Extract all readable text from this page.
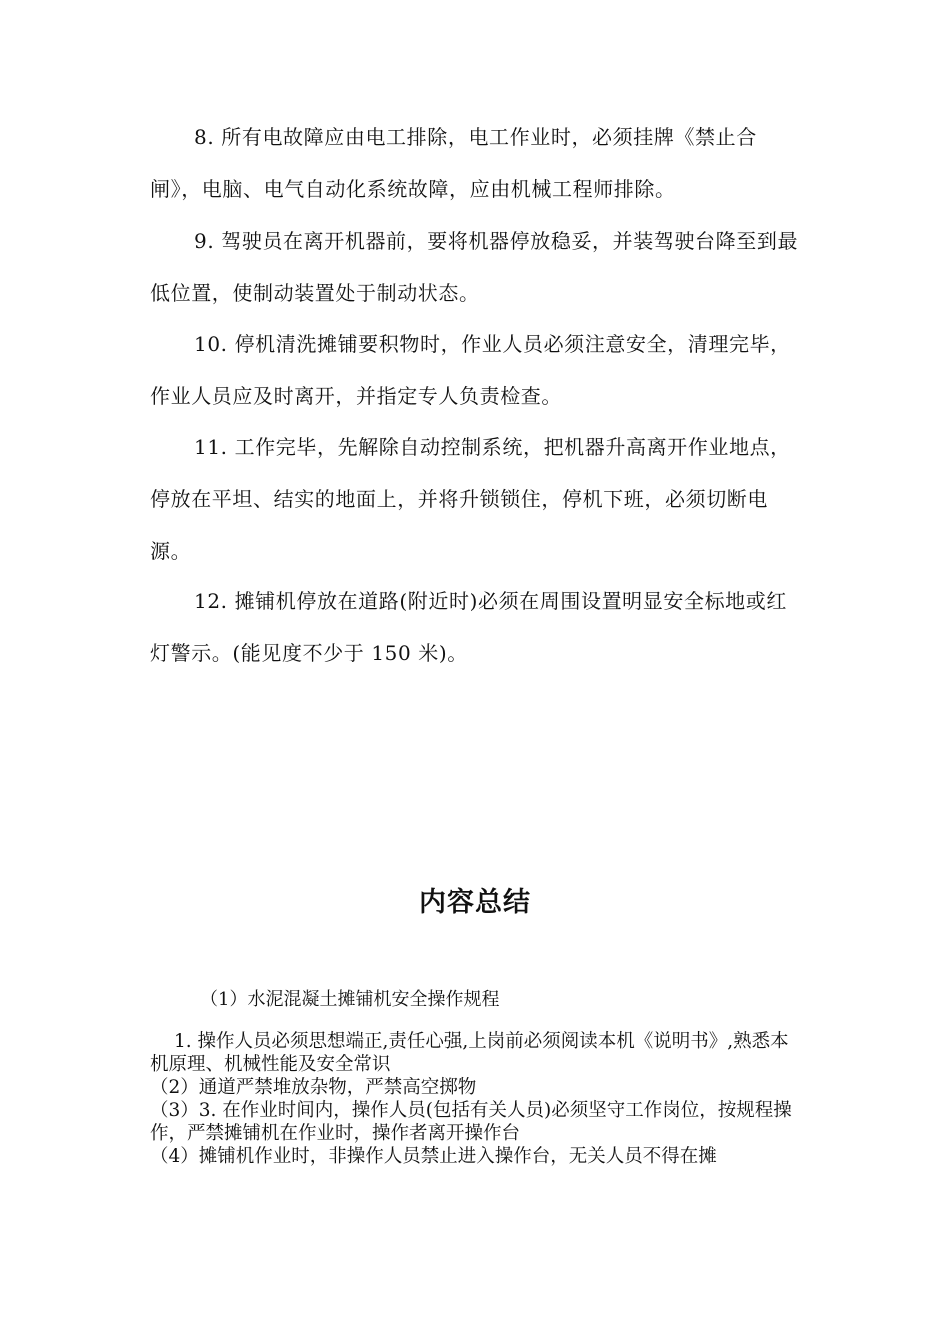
8. 所有电故障应由电工排除，电工作业时，必须挂牌《禁止合闸》，电脑、电气自动化系统故障，应由机械工程师排除。

9. 驾驶员在离开机器前，要将机器停放稳妥，并装驾驶台降至到最低位置，使制动装置处于制动状态。

10. 停机清洗摊铺要积物时，作业人员必须注意安全，清理完毕，作业人员应及时离开，并指定专人负责检查。

11. 工作完毕，先解除自动控制系统，把机器升高离开作业地点，停放在平坦、结实的地面上，并将升锁锁住，停机下班，必须切断电源。

12. 摊铺机停放在道路(附近时)必须在周围设置明显安全标地或红灯警示。(能见度不少于 150 米)。

内容总结

（1）水泥混凝土摊铺机安全操作规程

1. 操作人员必须思想端正,责任心强,上岗前必须阅读本机《说明书》,熟悉本机原理、机械性能及安全常识

（2）通道严禁堆放杂物，严禁高空掷物

（3）3. 在作业时间内，操作人员(包括有关人员)必须坚守工作岗位，按规程操作，严禁摊铺机在作业时，操作者离开操作台

（4）摊铺机作业时，非操作人员禁止进入操作台，无关人员不得在摊
